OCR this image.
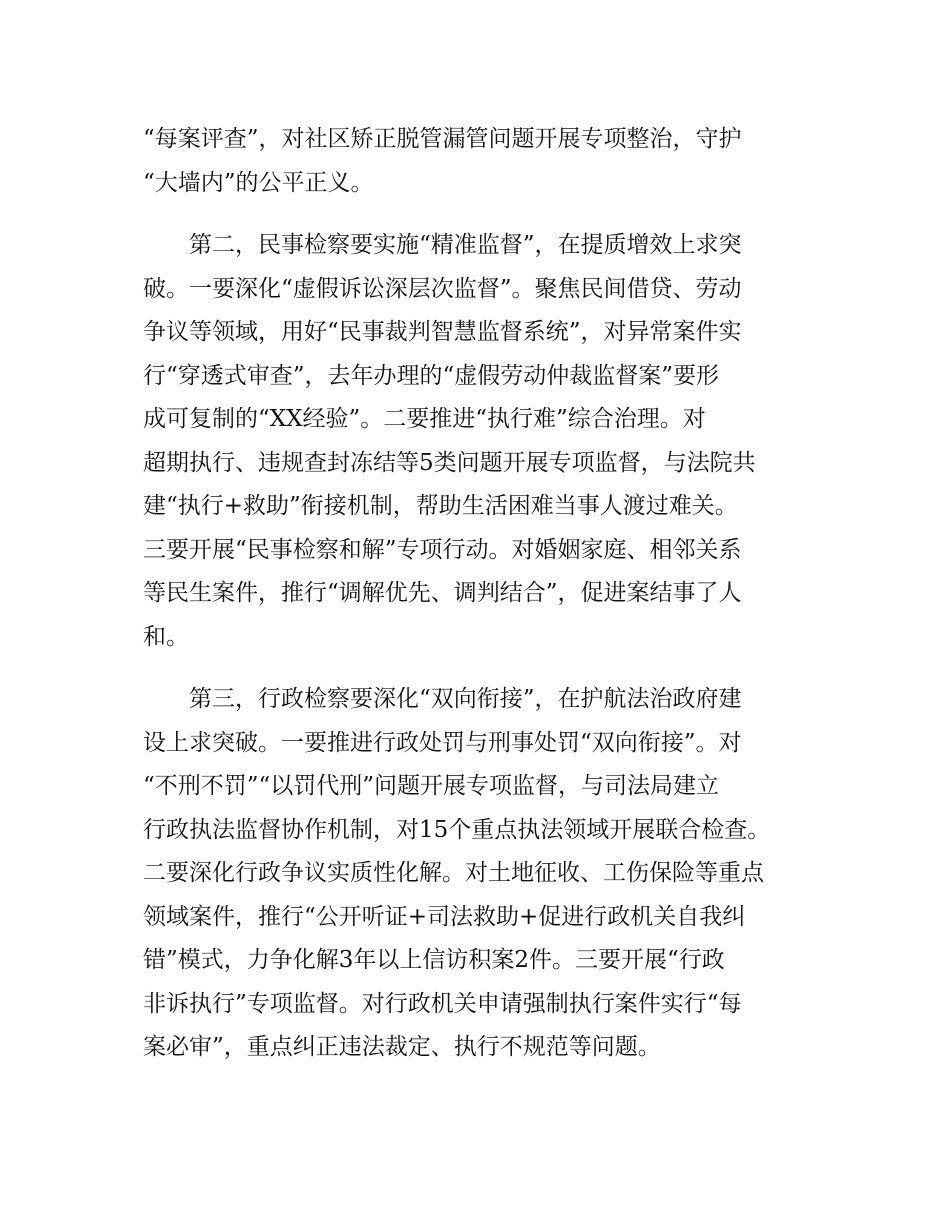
“每案评查”，对社区矫正脱管漏管问题开展专项整治，守护
“大墙内”的公平正义。
第二，民事检察要实施“精准监督”，在提质增效上求突
破。一要深化“虚假诉讼深层次监督”。聚焦民间借贷、劳动
争议等领域，用好“民事裁判智慧监督系统”，对异常案件实
行“穿透式审查”，去年办理的“虚假劳动仲裁监督案”要形
成可复制的“XX经验”。二要推进“执行难”综合治理。对
超期执行、违规查封冻结等5类问题开展专项监督，与法院共
建“执行+救助”衔接机制，帮助生活困难当事人渡过难关。
三要开展“民事检察和解”专项行动。对婚姻家庭、相邻关系
等民生案件，推行“调解优先、调判结合”，促进案结事了人
和。
第三，行政检察要深化“双向衔接”，在护航法治政府建
设上求突破。一要推进行政处罚与刑事处罚“双向衔接”。对
“不刑不罚”“以罚代刑”问题开展专项监督，与司法局建立
行政执法监督协作机制，对15个重点执法领域开展联合检查。
二要深化行政争议实质性化解。对土地征收、工伤保险等重点
领域案件，推行“公开听证+司法救助+促进行政机关自我纠
错”模式，力争化解3年以上信访积案2件。三要开展“行政
非诉执行”专项监督。对行政机关申请强制执行案件实行“每
案必审”，重点纠正违法裁定、执行不规范等问题。
